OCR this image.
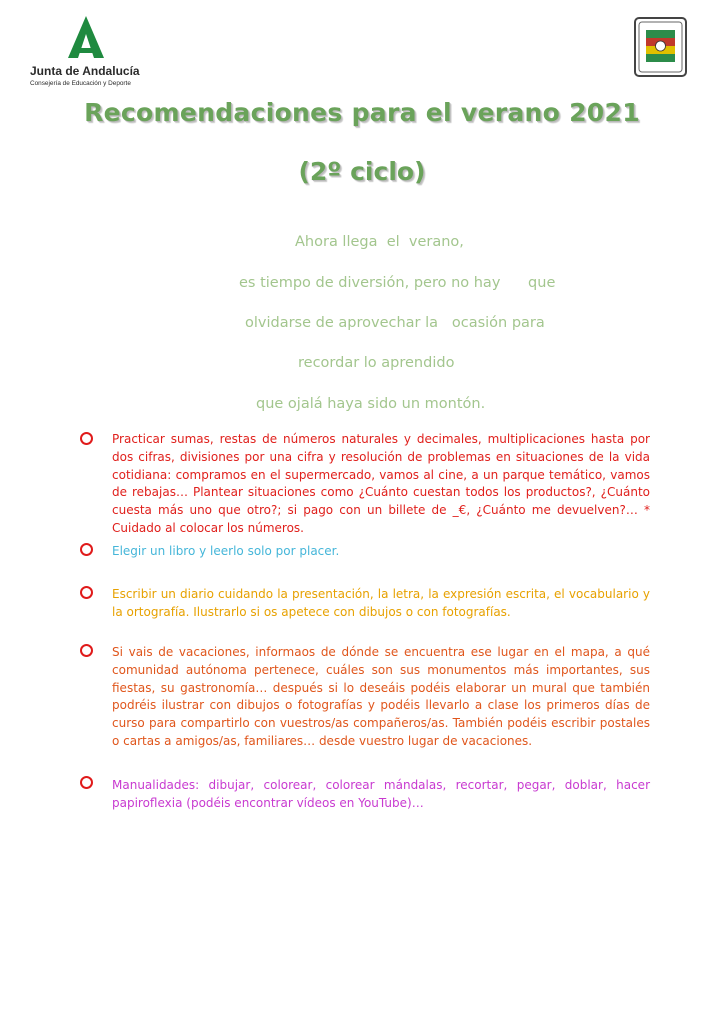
Junta de Andalucía
Consejería de Educación y Deporte
Recomendaciones para el verano 2021
(2º ciclo)
Ahora llega  el  verano,
es tiempo de diversión, pero no hay      que
olvidarse de aprovechar la   ocasión para
recordar lo aprendido
que ojalá haya sido un montón.
Practicar sumas, restas de números naturales y decimales, multiplicaciones hasta por dos cifras, divisiones por una cifra y resolución de problemas en situaciones de la vida cotidiana: compramos en el supermercado, vamos al cine, a un parque temático, vamos de rebajas… Plantear situaciones como ¿Cuánto cuestan todos los productos?, ¿Cuánto cuesta más uno que otro?; si pago con un billete de _€, ¿Cuánto me devuelven?… * Cuidado al colocar los números.
Elegir un libro y leerlo solo por placer.
Escribir un diario cuidando la presentación, la letra, la expresión escrita, el vocabulario y la ortografía. Ilustrarlo si os apetece con dibujos o con fotografías.
Si vais de vacaciones, informaos de dónde se encuentra ese lugar en el mapa, a qué comunidad autónoma pertenece, cuáles son sus monumentos más importantes, sus fiestas, su gastronomía… después si lo deseáis podéis elaborar un mural que también podréis ilustrar con dibujos o fotografías y podéis llevarlo a clase los primeros días de curso para compartirlo con vuestros/as compañeros/as. También podéis escribir postales o cartas a amigos/as, familiares… desde vuestro lugar de vacaciones.
Manualidades: dibujar, colorear, colorear mándalas, recortar, pegar, doblar, hacer papiroflexia (podéis encontrar vídeos en YouTube)…
